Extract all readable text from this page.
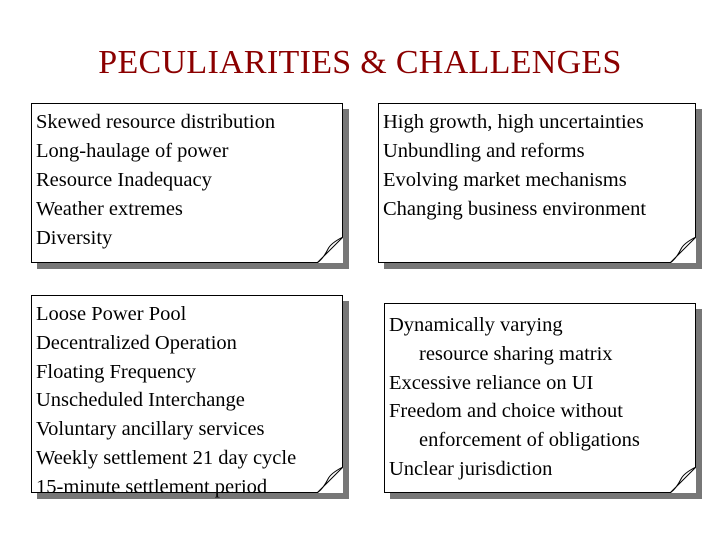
PECULIARITIES & CHALLENGES
Skewed resource distribution
Long-haulage of power
Resource Inadequacy
Weather extremes
Diversity
High growth, high uncertainties
Unbundling and reforms
Evolving market mechanisms
Changing business environment
Loose Power Pool
Decentralized Operation
Floating Frequency
Unscheduled Interchange
Voluntary ancillary services
Weekly settlement 21 day cycle
15-minute settlement period
Dynamically varying
resource sharing matrix
Excessive reliance on UI
Freedom and choice without
enforcement of obligations
Unclear jurisdiction
